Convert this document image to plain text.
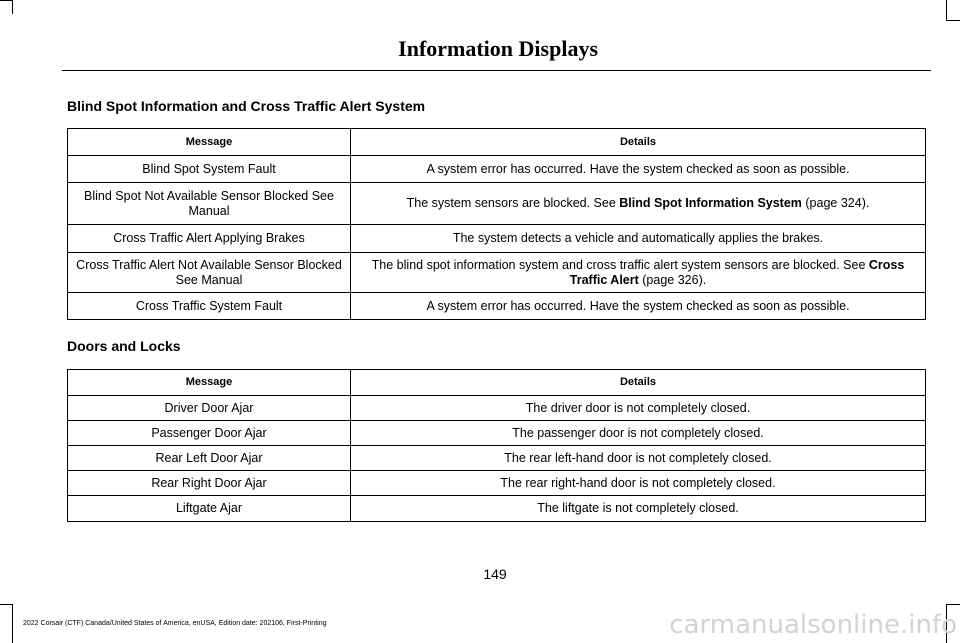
Information Displays
Blind Spot Information and Cross Traffic Alert System
Message	Details
Blind Spot System Fault	A system error has occurred. Have the system checked as soon as possible.
Blind Spot Not Available Sensor Blocked See Manual	The system sensors are blocked. See Blind Spot Information System (page 324).
Cross Traffic Alert Applying Brakes	The system detects a vehicle and automatically applies the brakes.
Cross Traffic Alert Not Available Sensor Blocked See Manual	The blind spot information system and cross traffic alert system sensors are blocked. See Cross Traffic Alert (page 326).
Cross Traffic System Fault	A system error has occurred. Have the system checked as soon as possible.
Doors and Locks
Message	Details
Driver Door Ajar	The driver door is not completely closed.
Passenger Door Ajar	The passenger door is not completely closed.
Rear Left Door Ajar	The rear left-hand door is not completely closed.
Rear Right Door Ajar	The rear right-hand door is not completely closed.
Liftgate Ajar	The liftgate is not completely closed.
149
2022 Corsair (CTF) Canada/United States of America, enUSA, Edition date: 202106, First-Printing	carmanualsonline.info
